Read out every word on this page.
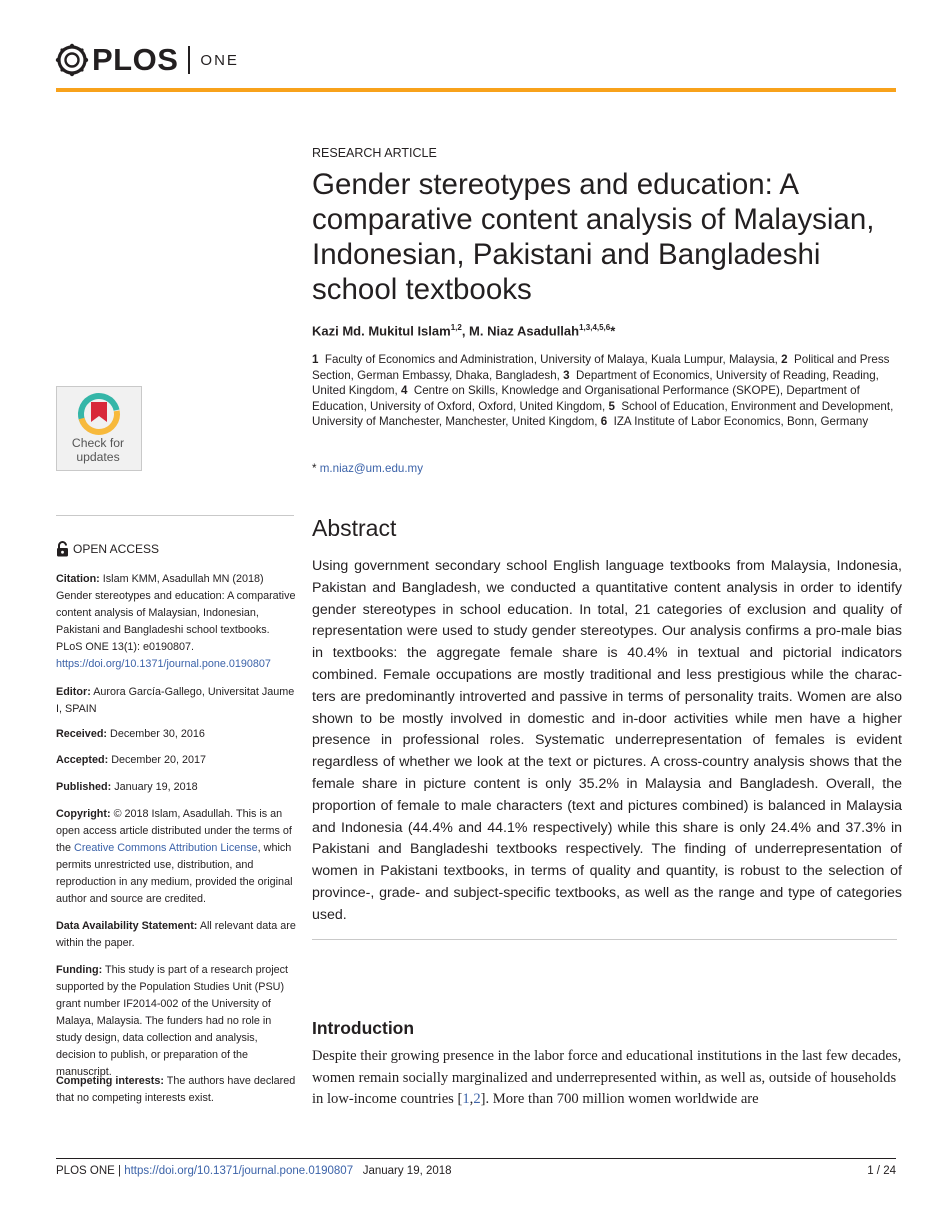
PLOS ONE
RESEARCH ARTICLE
Gender stereotypes and education: A comparative content analysis of Malaysian, Indonesian, Pakistani and Bangladeshi school textbooks
Kazi Md. Mukitul Islam$^{1,2}$, M. Niaz Asadullah$^{1,3,4,5,6}$*
1 Faculty of Economics and Administration, University of Malaya, Kuala Lumpur, Malaysia, 2 Political and Press Section, German Embassy, Dhaka, Bangladesh, 3 Department of Economics, University of Reading, Reading, United Kingdom, 4 Centre on Skills, Knowledge and Organisational Performance (SKOPE), Department of Education, University of Oxford, Oxford, United Kingdom, 5 School of Education, Environment and Development, University of Manchester, Manchester, United Kingdom, 6 IZA Institute of Labor Economics, Bonn, Germany
* m.niaz@um.edu.my
Abstract

Using government secondary school English language textbooks from Malaysia, Indonesia, Pakistan and Bangladesh, we conducted a quantitative content analysis in order to identify gender stereotypes in school education. In total, 21 categories of exclusion and quality of representation were used to study gender stereotypes. Our analysis confirms a pro-male bias in textbooks: the aggregate female share is 40.4% in textual and pictorial indicators combined. Female occupations are mostly traditional and less prestigious while the characters are predominantly introverted and passive in terms of personality traits. Women are also shown to be mostly involved in domestic and in-door activities while men have a higher presence in professional roles. Systematic underrepresentation of females is evident regardless of whether we look at the text or pictures. A cross-country analysis shows that the female share in picture content is only 35.2% in Malaysia and Bangladesh. Overall, the proportion of female to male characters (text and pictures combined) is balanced in Malaysia and Indonesia (44.4% and 44.1% respectively) while this share is only 24.4% and 37.3% in Pakistani and Bangladeshi textbooks respectively. The finding of underrepresentation of women in Pakistani textbooks, in terms of quality and quantity, is robust to the selection of province-, grade- and subject-specific textbooks, as well as the range and type of categories used.

Introduction

Despite their growing presence in the labor force and educational institutions in the last few decades, women remain socially marginalized and underrepresented within, as well as, outside of households in low-income countries [1,2]. More than 700 million women worldwide are

Check for updates
OPEN ACCESS
Citation: Islam KMM, Asadullah MN (2018) Gender stereotypes and education: A comparative content analysis of Malaysian, Indonesian, Pakistani and Bangladeshi school textbooks. PLoS ONE 13(1): e0190807. https://doi.org/10.1371/journal.pone.0190807
Editor: Aurora García-Gallego, Universitat Jaume I, SPAIN
Received: December 30, 2016
Accepted: December 20, 2017
Published: January 19, 2018
Copyright: © 2018 Islam, Asadullah. This is an open access article distributed under the terms of the Creative Commons Attribution License, which permits unrestricted use, distribution, and reproduction in any medium, provided the original author and source are credited.
Data Availability Statement: All relevant data are within the paper.
Funding: This study is part of a research project supported by the Population Studies Unit (PSU) grant number IF2014-002 of the University of Malaya, Malaysia. The funders had no role in study design, data collection and analysis, decision to publish, or preparation of the manuscript.
Competing interests: The authors have declared that no competing interests exist.
PLOS ONE | https://doi.org/10.1371/journal.pone.0190807 January 19, 2018	1 / 24
